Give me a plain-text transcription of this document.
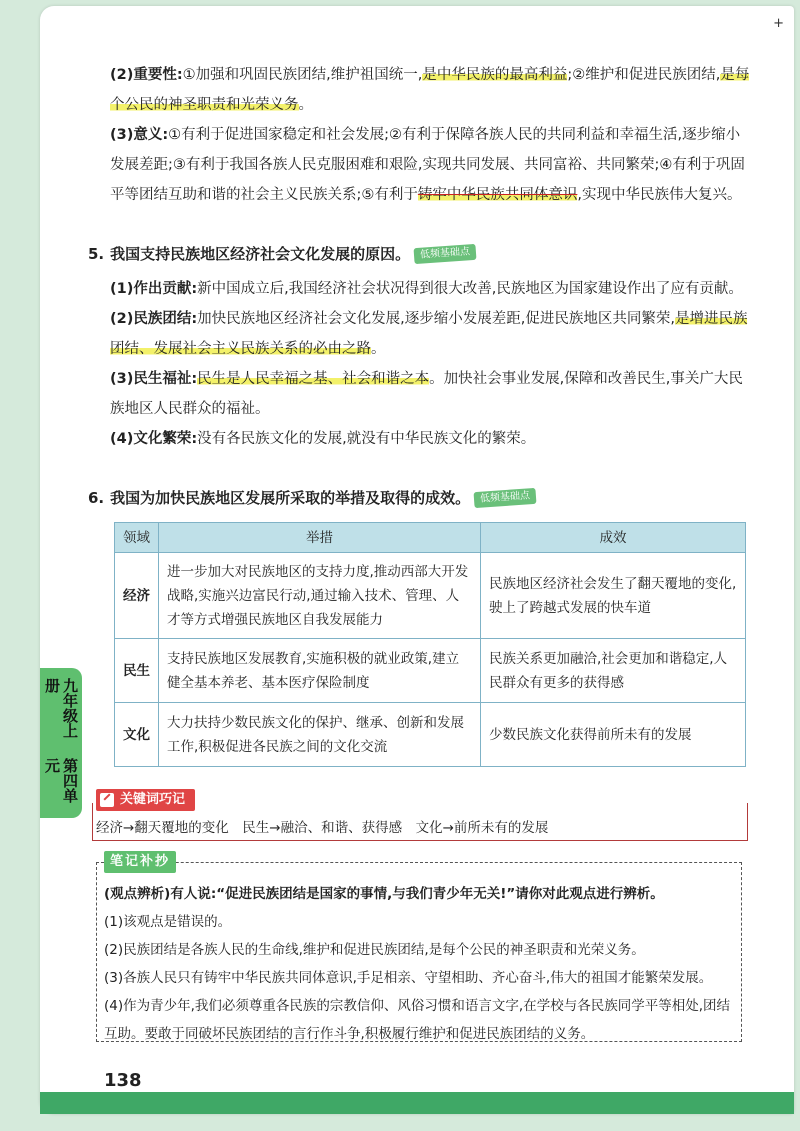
+
九年级上册
第四单元

(2)重要性:①加强和巩固民族团结,维护祖国统一,是中华民族的最高利益;②维护和促进民族团结,是每个公民的神圣职责和光荣义务。

(3)意义:①有利于促进国家稳定和社会发展;②有利于保障各族人民的共同利益和幸福生活,逐步缩小发展差距;③有利于我国各族人民克服困难和艰险,实现共同发展、共同富裕、共同繁荣;④有利于巩固平等团结互助和谐的社会主义民族关系;⑤有利于铸牢中华民族共同体意识,实现中华民族伟大复兴。

5. 我国支持民族地区经济社会文化发展的原因。 低频基础点

(1)作出贡献:新中国成立后,我国经济社会状况得到很大改善,民族地区为国家建设作出了应有贡献。

(2)民族团结:加快民族地区经济社会文化发展,逐步缩小发展差距,促进民族地区共同繁荣,是增进民族团结、发展社会主义民族关系的必由之路。

(3)民生福祉:民生是人民幸福之基、社会和谐之本。加快社会事业发展,保障和改善民生,事关广大民族地区人民群众的福祉。

(4)文化繁荣:没有各民族文化的发展,就没有中华民族文化的繁荣。

6. 我国为加快民族地区发展所采取的举措及取得的成效。 低频基础点
领域	举措	成效
经济	进一步加大对民族地区的支持力度,推动西部大开发战略,实施兴边富民行动,通过输入技术、管理、人才等方式增强民族地区自我发展能力	民族地区经济社会发生了翻天覆地的变化,驶上了跨越式发展的快车道
民生	支持民族地区发展教育,实施积极的就业政策,建立健全基本养老、基本医疗保险制度	民族关系更加融洽,社会更加和谐稳定,人民群众有更多的获得感
文化	大力扶持少数民族文化的保护、继承、创新和发展工作,积极促进各民族之间的文化交流	少数民族文化获得前所未有的发展
关键词巧记
经济→翻天覆地的变化　民生→融洽、和谐、获得感　文化→前所未有的发展
笔记补抄

(观点辨析)有人说:“促进民族团结是国家的事情,与我们青少年无关!”请你对此观点进行辨析。

(1)该观点是错误的。

(2)民族团结是各族人民的生命线,维护和促进民族团结,是每个公民的神圣职责和光荣义务。

(3)各族人民只有铸牢中华民族共同体意识,手足相亲、守望相助、齐心奋斗,伟大的祖国才能繁荣发展。

(4)作为青少年,我们必须尊重各民族的宗教信仰、风俗习惯和语言文字,在学校与各民族同学平等相处,团结互助。要敢于同破坏民族团结的言行作斗争,积极履行维护和促进民族团结的义务。

138
